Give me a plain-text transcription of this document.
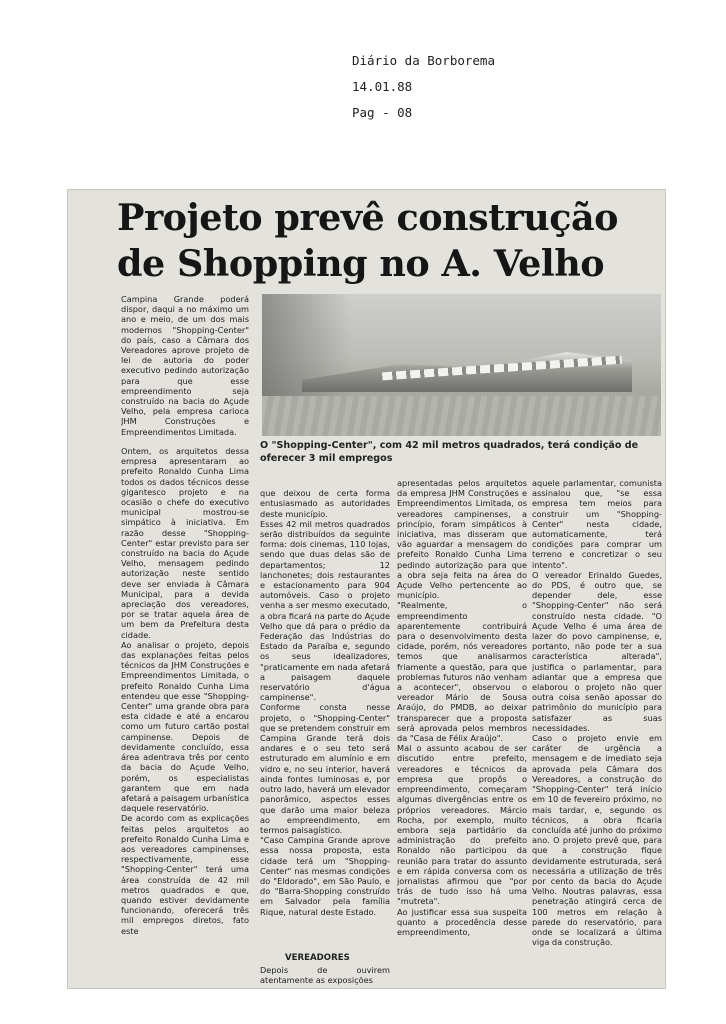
Diário da Borborema
14.01.88
Pag - 08
Projeto prevê construção
de Shopping no A. Velho
Campina Grande poderá dispor, daqui a no máximo um ano e meio, de um dos mais modernos "Shopping-Center" do país, caso a Câmara dos Vereadores aprove projeto de lei de autoria do poder executivo pedindo autorização para que esse empreendimento seja construído na bacia do Açude Velho, pela empresa carioca JHM Construções e Empreendimentos Limitada.
O "Shopping-Center", com 42 mil metros quadrados, terá condição de oferecer 3 mil empregos
Ontem, os arquitetos dessa empresa apresentaram ao prefeito Ronaldo Cunha Lima todos os dados técnicos desse gigantesco projeto e na ocasião o chefe do executivo municipal mostrou-se simpático à iniciativa. Em razão desse "Shopping-Center" estar previsto para ser construído na bacia do Açude Velho, mensagem pedindo autorização neste sentido deve ser enviada à Câmara Municipal, para a devida apreciação dos vereadores, por se tratar aquela área de um bem da Prefeitura desta cidade.
Ao analisar o projeto, depois das explanações feitas pelos técnicos da JHM Construções e Empreendimentos Limitada, o prefeito Ronaldo Cunha Lima entendeu que esse "Shopping-Center" uma grande obra para esta cidade e até a encarou como um futuro cartão postal campinense. Depois de devidamente concluído, essa área adentrava três por cento da bacia do Açude Velho, porém, os especialistas garantem que em nada afetará a paisagem urbanística daquele reservatório.
De acordo com as explicações feitas pelos arquitetos ao prefeito Ronaldo Cunha Lima e aos vereadores campinenses, respectivamente, esse "Shopping-Center" terá uma área construída de 42 mil metros quadrados e que, quando estiver devidamente funcionando, oferecerá três mil empregos diretos, fato este

que deixou de certa forma entusiasmado as autoridades deste município.
Esses 42 mil metros quadrados serão distribuídos da seguinte forma: dois cinemas, 110 lojas, sendo que duas delas são de departamentos; 12 lanchonetes; dois restaurantes e estacionamento para 904 automóveis. Caso o projeto venha a ser mesmo executado, a obra ficará na parte do Açude Velho que dá para o prédio da Federação das Indústrias do Estado da Paraíba e, segundo os seus idealizadores, "praticamente em nada afetará a paisagem daquele reservatório d'água campinense".
Conforme consta nesse projeto, o "Shopping-Center" que se pretendem construir em Campina Grande terá dois andares e o seu teto será estruturado em alumínio e em vidro e, no seu interior, haverá ainda fontes luminosas e, por outro lado, haverá um elevador panorâmico, aspectos esses que darão uma maior beleza ao empreendimento, em termos paisagístico.
"Caso Campina Grande aprove essa nossa proposta, esta cidade terá um "Shopping-Center" nas mesmas condições do "Eldorado", em São Paulo, e do "Barra-Shopping construído em Salvador pela família Rique, natural deste Estado.

VEREADORES
Depois de ouvirem atentamente as exposições
apresentadas pelos arquitetos da empresa JHM Construções e Empreendimentos Limitada, os vereadores campinenses, a princípio, foram simpáticos à iniciativa, mas disseram que vão aguardar a mensagem do prefeito Ronaldo Cunha Lima pedindo autorização para que a obra seja feita na área do Açude Velho pertencente ao município.
"Realmente, o empreendimento aparentemente contribuirá para o desenvolvimento desta cidade, porém, nós vereadores temos que analisarmos friamente a questão, para que problemas futuros não venham a acontecer", observou o vereador Mário de Sousa Araújo, do PMDB, ao deixar transparecer que a proposta será aprovada pelos membros da "Casa de Félix Araújo".
Mal o assunto acabou de ser discutido entre prefeito, vereadores e técnicos da empresa que propôs o empreendimento, começaram algumas divergências entre os próprios vereadores. Márcio Rocha, por exemplo, muito embora seja partidário da administração do prefeito Ronaldo não participou da reunião para tratar do assunto e em rápida conversa com os jornalistas afirmou que "por trás de tudo isso há uma "mutreta".
Ao justificar essa sua suspeita quanto a procedência desse empreendimento,
aquele parlamentar, comunista assinalou que, "se essa empresa tem meios para construir um "Shopping-Center" nesta cidade, automaticamente, terá condições para comprar um terreno e concretizar o seu intento".
O vereador Erinaldo Guedes, do PDS, é outro que, se depender dele, esse "Shopping-Center" não será construído nesta cidade. "O Açude Velho é uma área de lazer do povo campinense, e, portanto, não pode ter a sua característica alterada", justifica o parlamentar, para adiantar que a empresa que elaborou o projeto não quer outra coisa senão apossar do patrimônio do município para satisfazer as suas necessidades.
Caso o projeto envie em caráter de urgência a mensagem e de imediato seja aprovada pela Câmara dos Vereadores, a construção do "Shopping-Center" terá início em 10 de fevereiro próximo, no mais tardar, e, segundo os técnicos, a obra ficaria concluída até junho do próximo ano. O projeto prevê que, para que a construção fique devidamente estruturada, será necessária a utilização de três por cento da bacia do Açude Velho. Noutras palavras, essa penetração atingirá cerca de 100 metros em relação à parede do reservatório, para onde se localizará a última viga da construção.
